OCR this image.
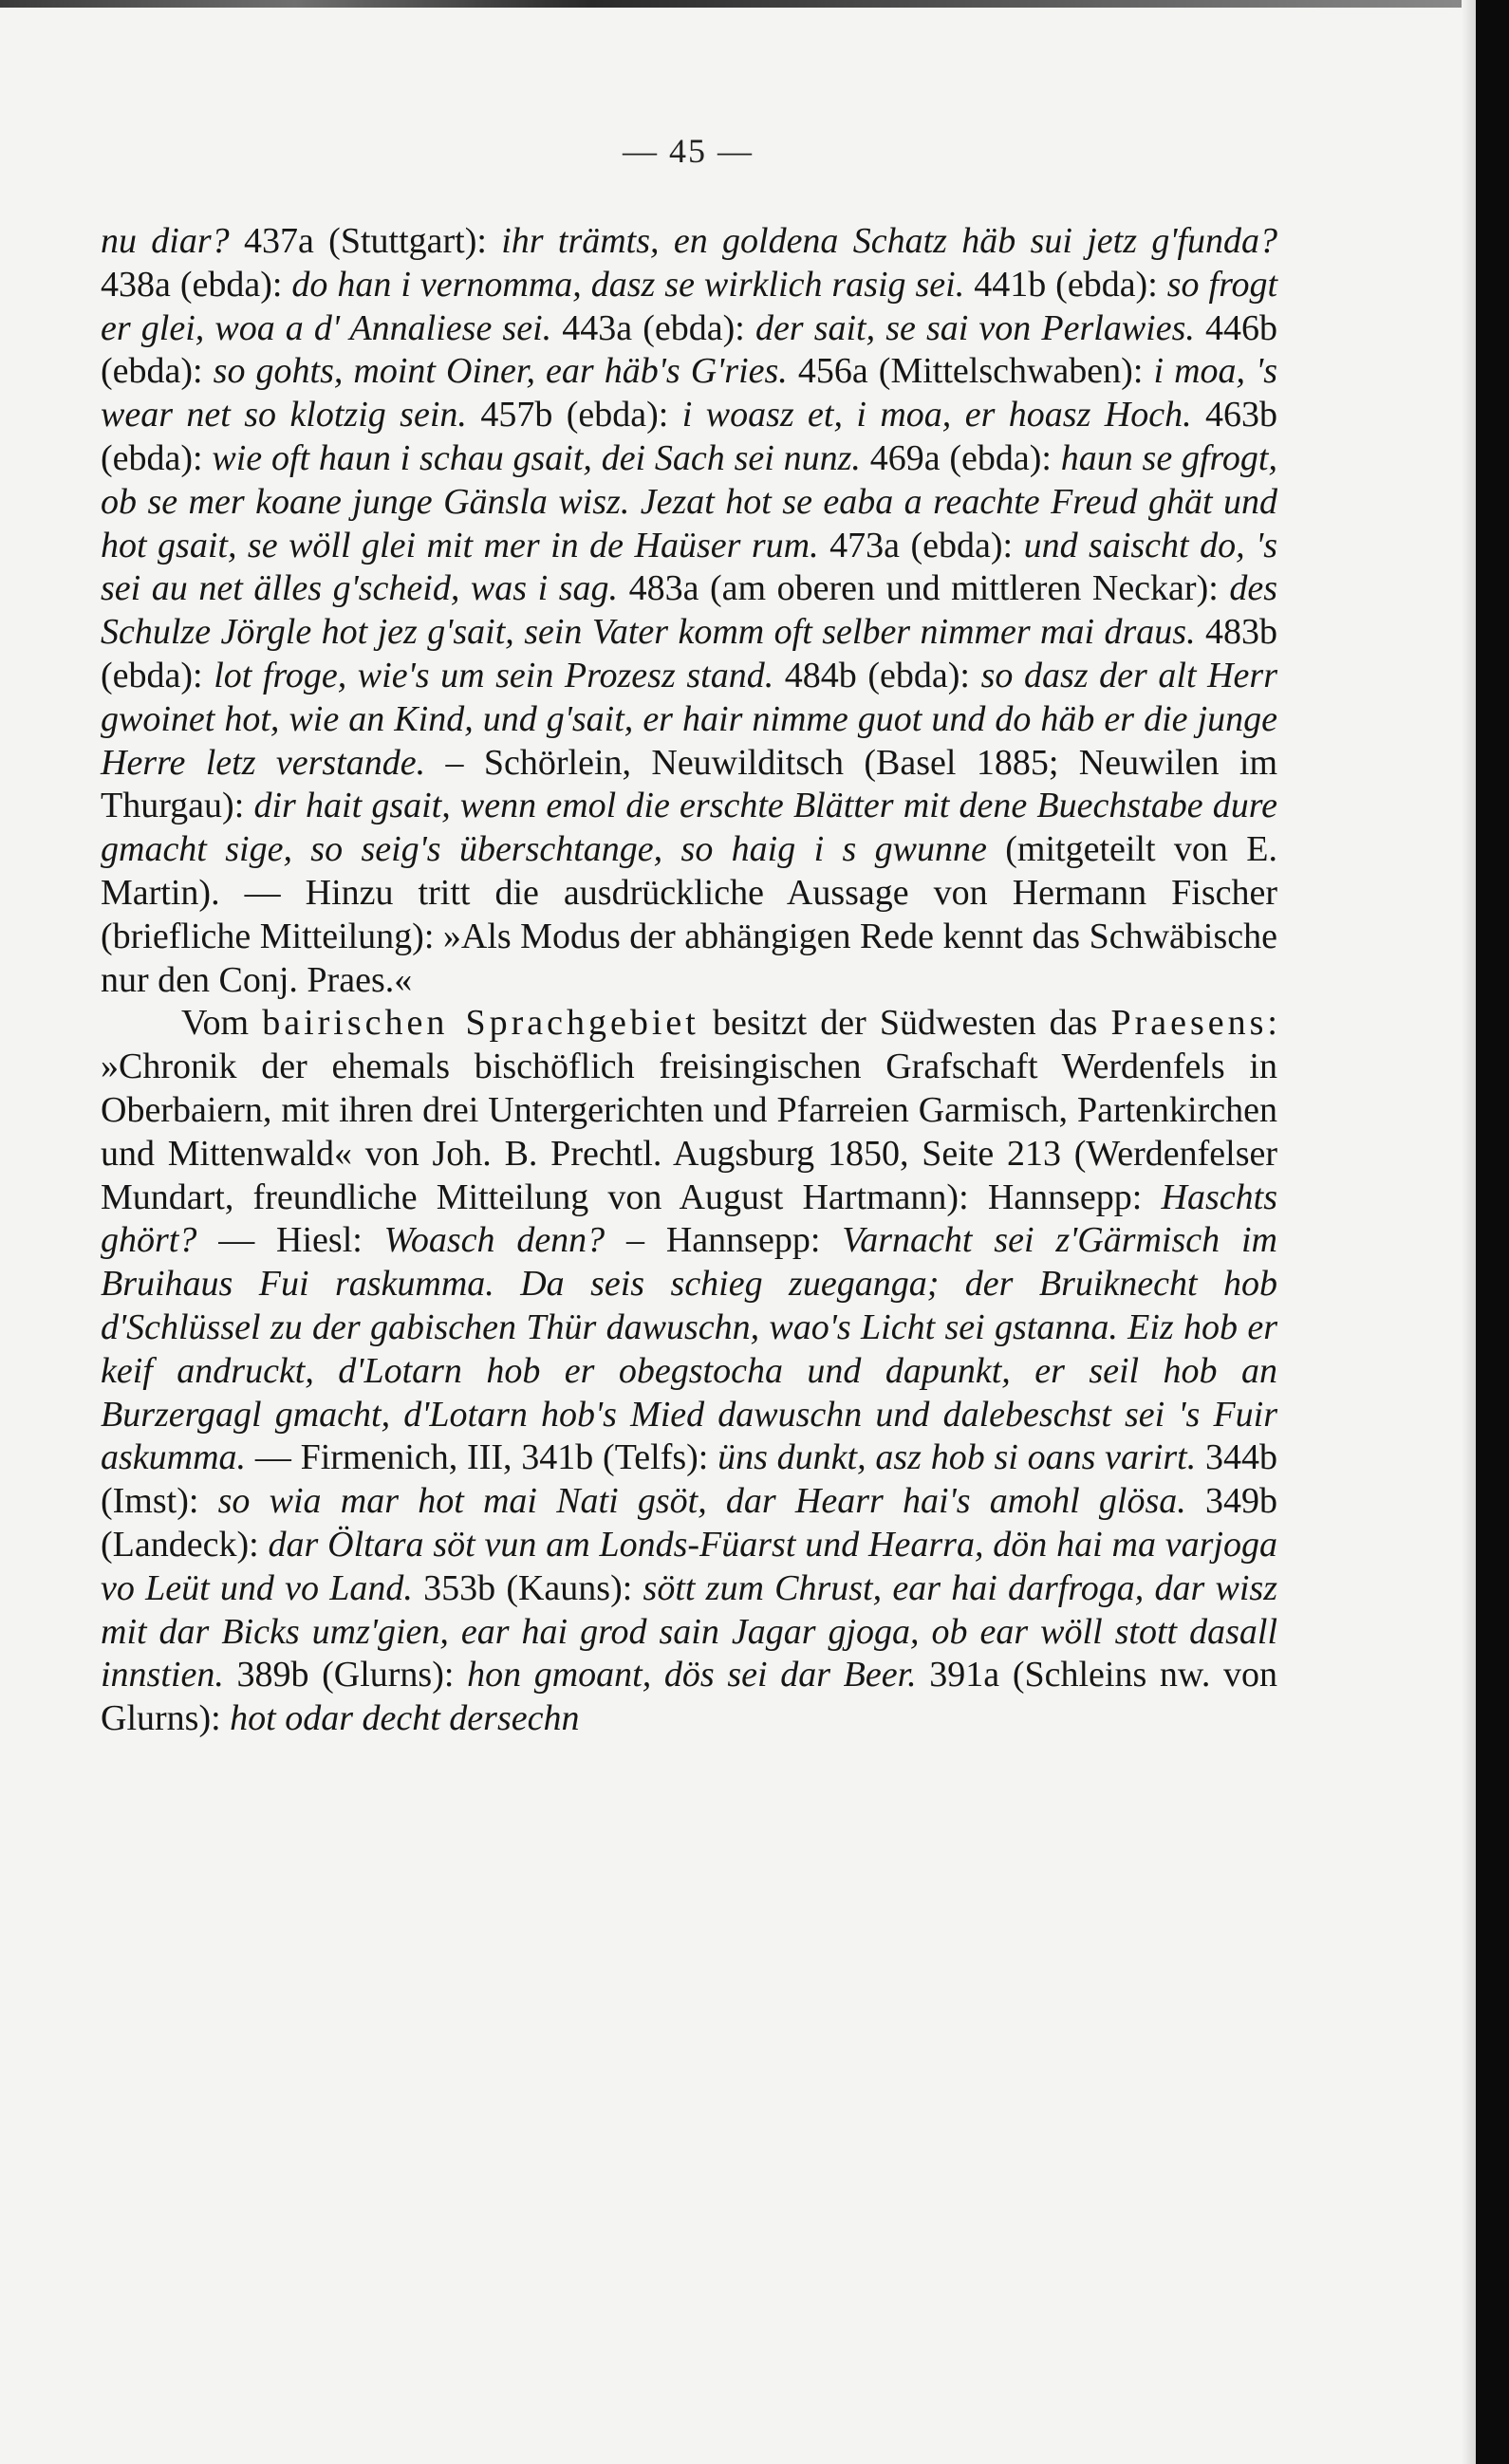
— 45 —

nu diar? 437a (Stuttgart): ihr trämts, en goldena Schatz häb sui jetz g'funda? 438a (ebda): do han i vernomma, dasz se wirklich rasig sei. 441b (ebda): so frogt er glei, woa a d' Annaliese sei. 443a (ebda): der sait, se sai von Perlawies. 446b (ebda): so gohts, moint Oiner, ear häb's G'ries. 456a (Mittelschwaben): i moa, 's wear net so klotzig sein. 457b (ebda): i woasz et, i moa, er hoasz Hoch. 463b (ebda): wie oft haun i schau gsait, dei Sach sei nunz. 469a (ebda): haun se gfrogt, ob se mer koane junge Gänsla wisz. Jezat hot se eaba a reachte Freud ghät und hot gsait, se wöll glei mit mer in de Haüser rum. 473a (ebda): und saischt do, 's sei au net älles g'scheid, was i sag. 483a (am oberen und mittleren Neckar): des Schulze Jörgle hot jez g'sait, sein Vater komm oft selber nimmer mai draus. 483b (ebda): lot froge, wie's um sein Prozesz stand. 484b (ebda): so dasz der alt Herr gwoinet hot, wie an Kind, und g'sait, er hair nimme guot und do häb er die junge Herre letz verstande. – Schörlein, Neuwilditsch (Basel 1885; Neuwilen im Thurgau): dir hait gsait, wenn emol die erschte Blätter mit dene Buechstabe dure gmacht sige, so seig's überschtange, so haig i s gwunne (mitgeteilt von E. Martin). — Hinzu tritt die ausdrückliche Aussage von Hermann Fischer (briefliche Mitteilung): »Als Modus der abhängigen Rede kennt das Schwäbische nur den Conj. Praes.«

Vom bairischen Sprachgebiet besitzt der Südwesten das Praesens: »Chronik der ehemals bischöflich freisingischen Grafschaft Werdenfels in Oberbaiern, mit ihren drei Untergerichten und Pfarreien Garmisch, Partenkirchen und Mittenwald« von Joh. B. Prechtl. Augsburg 1850, Seite 213 (Werdenfelser Mundart, freundliche Mitteilung von August Hartmann): Hannsepp: Haschts ghört? — Hiesl: Woasch denn? – Hannsepp: Varnacht sei z'Gärmisch im Bruihaus Fui raskumma. Da seis schieg zueganga; der Bruiknecht hob d'Schlüssel zu der gabischen Thür dawuschn, wao's Licht sei gstanna. Eiz hob er keif andruckt, d'Lotarn hob er obegstocha und dapunkt, er seil hob an Burzergagl gmacht, d'Lotarn hob's Mied dawuschn und dalebeschst sei 's Fuir askumma. — Firmenich, III, 341b (Telfs): üns dunkt, asz hob si oans varirt. 344b (Imst): so wia mar hot mai Nati gsöt, dar Hearr hai's amohl glösa. 349b (Landeck): dar Öltara söt vun am Londs-Füarst und Hearra, dön hai ma varjoga vo Leüt und vo Land. 353b (Kauns): sött zum Chrust, ear hai darfroga, dar wisz mit dar Bicks umz'gien, ear hai grod sain Jagar gjoga, ob ear wöll stott dasall innstien. 389b (Glurns): hon gmoant, dös sei dar Beer. 391a (Schleins nw. von Glurns): hot odar decht dersechn
